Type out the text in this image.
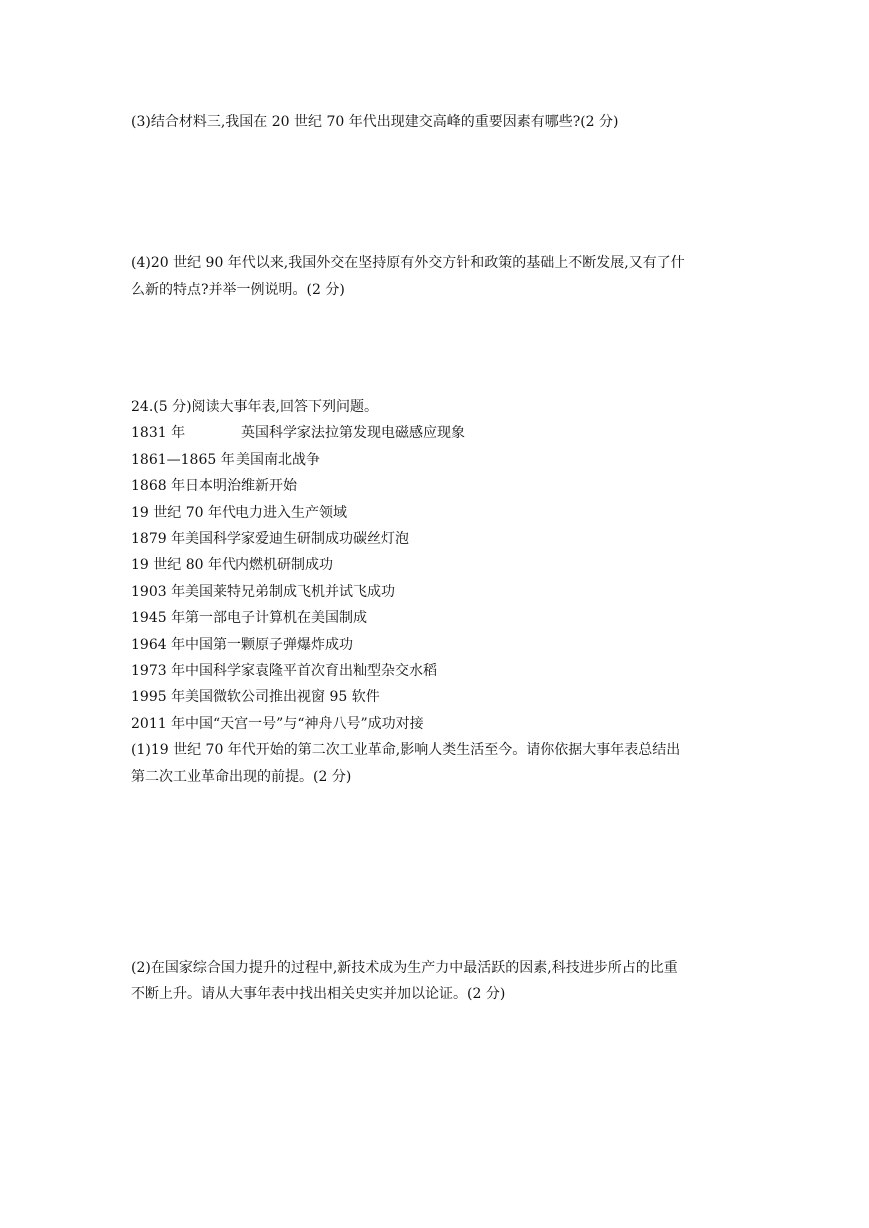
(3)结合材料三,我国在 20 世纪 70 年代出现建交高峰的重要因素有哪些?(2 分)

(4)20 世纪 90 年代以来,我国外交在坚持原有外交方针和政策的基础上不断发展,又有了什

么新的特点?并举一例说明。(2 分)

24.(5 分)阅读大事年表,回答下列问题。

1831 年	英国科学家法拉第发现电磁感应现象

1861—1865 年美国南北战争

1868 年日本明治维新开始

19 世纪 70 年代电力进入生产领域

1879 年美国科学家爱迪生研制成功碳丝灯泡

19 世纪 80 年代内燃机研制成功

1903 年美国莱特兄弟制成飞机并试飞成功

1945 年第一部电子计算机在美国制成

1964 年中国第一颗原子弹爆炸成功

1973 年中国科学家袁隆平首次育出籼型杂交水稻

1995 年美国微软公司推出视窗 95 软件

2011 年中国“天宫一号”与“神舟八号”成功对接

(1)19 世纪 70 年代开始的第二次工业革命,影响人类生活至今。请你依据大事年表总结出

第二次工业革命出现的前提。(2 分)

(2)在国家综合国力提升的过程中,新技术成为生产力中最活跃的因素,科技进步所占的比重

不断上升。请从大事年表中找出相关史实并加以论证。(2 分)
